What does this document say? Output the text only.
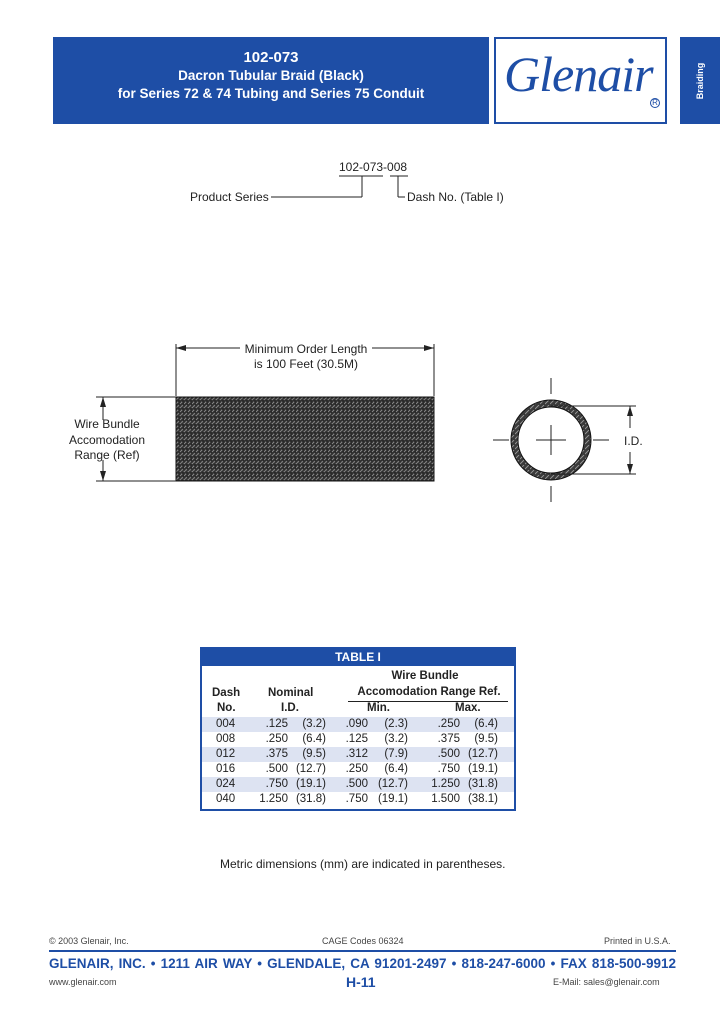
102-073
Dacron Tubular Braid (Black)
for Series 72 & 74 Tubing and Series 75 Conduit	Glenair
R
Braiding
102-073-008
Product Series	Dash No. (Table I)
Minimum Order Length
is 100 Feet (30.5M)
Wire Bundle
Accomodation
Range (Ref)
I.D.
TABLE I
Dash
No.
Nominal
I.D.
Wire Bundle
Accomodation Range Ref.
Min.	Max.
004	.125	(3.2)	.090	(2.3)	.250	(6.4)
008	.250	(6.4)	.125	(3.2)	.375	(9.5)
012	.375	(9.5)	.312	(7.9)	.500 (12.7)
016	.500 (12.7)	.250	(6.4)	.750 (19.1)
024	.750 (19.1)	.500 (12.7)	1.250 (31.8)
040	1.250 (31.8)	.750 (19.1)	1.500 (38.1)
Metric dimensions (mm) are indicated in parentheses.
© 2003 Glenair, Inc.	CAGE Codes 06324	Printed in U.S.A.
GLENAIR, INC. • 1211 AIR WAY • GLENDALE, CA 91201-2497 • 818-247-6000 • FAX 818-500-9912
www.glenair.com	H-11	E-Mail: sales@glenair.com
